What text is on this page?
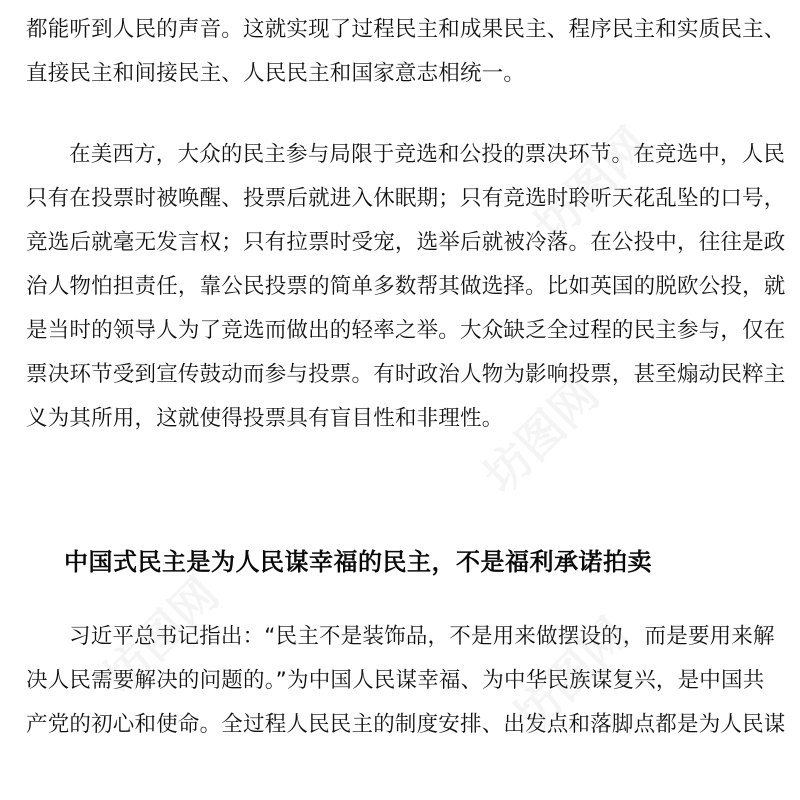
都能听到人民的声音。这就实现了过程民主和成果民主、程序民主和实质民主、
直接民主和间接民主、人民民主和国家意志相统一。
在美西方，大众的民主参与局限于竞选和公投的票决环节。在竞选中，人民
只有在投票时被唤醒、投票后就进入休眠期；只有竞选时聆听天花乱坠的口号，
竞选后就毫无发言权；只有拉票时受宠，选举后就被冷落。在公投中，往往是政
治人物怕担责任，靠公民投票的简单多数帮其做选择。比如英国的脱欧公投，就
是当时的领导人为了竞选而做出的轻率之举。大众缺乏全过程的民主参与，仅在
票决环节受到宣传鼓动而参与投票。有时政治人物为影响投票，甚至煽动民粹主
义为其所用，这就使得投票具有盲目性和非理性。
中国式民主是为人民谋幸福的民主，不是福利承诺拍卖
习近平总书记指出：“民主不是装饰品，不是用来做摆设的，而是要用来解
决人民需要解决的问题的。”为中国人民谋幸福、为中华民族谋复兴，是中国共
产党的初心和使命。全过程人民民主的制度安排、出发点和落脚点都是为人民谋
坊图网
坊图网
坊图网	坊图网
